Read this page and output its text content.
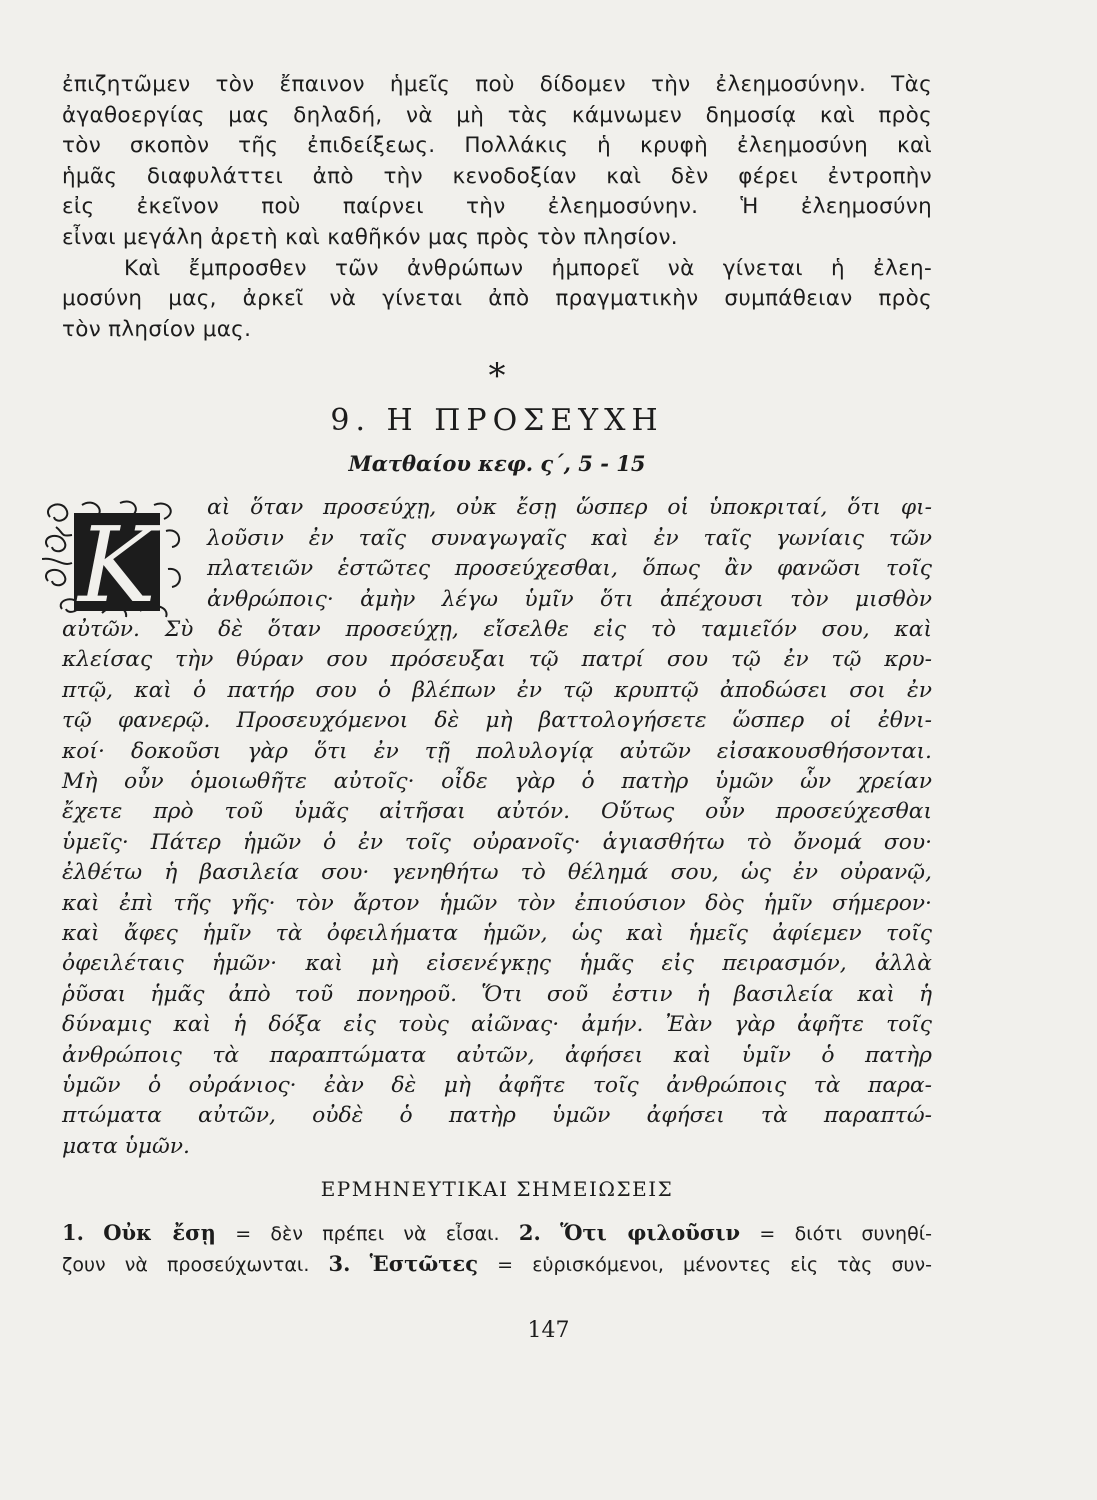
ἐπιζητῶμεν τὸν ἔπαινον ἡμεῖς ποὺ δίδομεν τὴν ἐλεημοσύνην. Τὰς
ἀγαθοεργίας μας δηλαδή, νὰ μὴ τὰς κάμνωμεν δημοσίᾳ καὶ πρὸς
τὸν σκοπὸν τῆς ἐπιδείξεως. Πολλάκις ἡ κρυφὴ ἐλεημοσύνη καὶ
ἡμᾶς διαφυλάττει ἀπὸ τὴν κενοδοξίαν καὶ δὲν φέρει ἐντροπὴν
εἰς ἐκεῖνον ποὺ παίρνει τὴν ἐλεημοσύνην. Ἡ ἐλεημοσύνη
εἶναι μεγάλη ἀρετὴ καὶ καθῆκόν μας πρὸς τὸν πλησίον.
Καὶ ἔμπροσθεν τῶν ἀνθρώπων ἠμπορεῖ νὰ γίνεται ἡ ἐλεη-
μοσύνη μας, ἀρκεῖ νὰ γίνεται ἀπὸ πραγματικὴν συμπάθειαν πρὸς
τὸν πλησίον μας.
*
9. Η ΠΡΟΣΕΥΧΗ
Ματθαίου κεφ. ς΄, 5 - 15
K	αὶ ὅταν προσεύχῃ, οὐκ ἔσῃ ὥσπερ οἱ ὑποκριταί, ὅτι φι-
λοῦσιν ἐν ταῖς συναγωγαῖς καὶ ἐν ταῖς γωνίαις τῶν
πλατειῶν ἑστῶτες προσεύχεσθαι, ὅπως ἂν φανῶσι τοῖς
ἀνθρώποις· ἀμὴν λέγω ὑμῖν ὅτι ἀπέχουσι τὸν μισθὸν
αὐτῶν. Σὺ δὲ ὅταν προσεύχῃ, εἴσελθε εἰς τὸ ταμιεῖόν σου, καὶ
κλείσας τὴν θύραν σου πρόσευξαι τῷ πατρί σου τῷ ἐν τῷ κρυ-
πτῷ, καὶ ὁ πατήρ σου ὁ βλέπων ἐν τῷ κρυπτῷ ἀποδώσει σοι ἐν
τῷ φανερῷ. Προσευχόμενοι δὲ μὴ βαττολογήσετε ὥσπερ οἱ ἐθνι-
κοί· δοκοῦσι γὰρ ὅτι ἐν τῇ πολυλογίᾳ αὐτῶν εἰσακουσθήσονται.
Μὴ οὖν ὁμοιωθῆτε αὐτοῖς· οἶδε γὰρ ὁ πατὴρ ὑμῶν ὧν χρείαν
ἔχετε πρὸ τοῦ ὑμᾶς αἰτῆσαι αὐτόν. Οὕτως οὖν προσεύχεσθαι
ὑμεῖς· Πάτερ ἡμῶν ὁ ἐν τοῖς οὐρανοῖς· ἁγιασθήτω τὸ ὄνομά σου·
ἐλθέτω ἡ βασιλεία σου· γενηθήτω τὸ θέλημά σου, ὡς ἐν οὐρανῷ,
καὶ ἐπὶ τῆς γῆς· τὸν ἄρτον ἡμῶν τὸν ἐπιούσιον δὸς ἡμῖν σήμερον·
καὶ ἄφες ἡμῖν τὰ ὀφειλήματα ἡμῶν, ὡς καὶ ἡμεῖς ἀφίεμεν τοῖς
ὀφειλέταις ἡμῶν· καὶ μὴ εἰσενέγκῃς ἡμᾶς εἰς πειρασμόν, ἀλλὰ
ῥῦσαι ἡμᾶς ἀπὸ τοῦ πονηροῦ. Ὅτι σοῦ ἐστιν ἡ βασιλεία καὶ ἡ
δύναμις καὶ ἡ δόξα εἰς τοὺς αἰῶνας· ἀμήν. Ἐὰν γὰρ ἀφῆτε τοῖς
ἀνθρώποις τὰ παραπτώματα αὐτῶν, ἀφήσει καὶ ὑμῖν ὁ πατὴρ
ὑμῶν ὁ οὐράνιος· ἐὰν δὲ μὴ ἀφῆτε τοῖς ἀνθρώποις τὰ παρα-
πτώματα αὐτῶν, οὐδὲ ὁ πατὴρ ὑμῶν ἀφήσει τὰ παραπτώ-
ματα ὑμῶν.
ΕΡΜΗΝΕΥΤΙΚΑΙ ΣΗΜΕΙΩΣΕΙΣ
1. Οὐκ ἔσῃ = δὲν πρέπει νὰ εἶσαι. 2. Ὅτι φιλοῦσιν = διότι συνηθί-
ζουν νὰ προσεύχωνται. 3. Ἑστῶτες = εὑρισκόμενοι, μένοντες εἰς τὰς συν-
147
